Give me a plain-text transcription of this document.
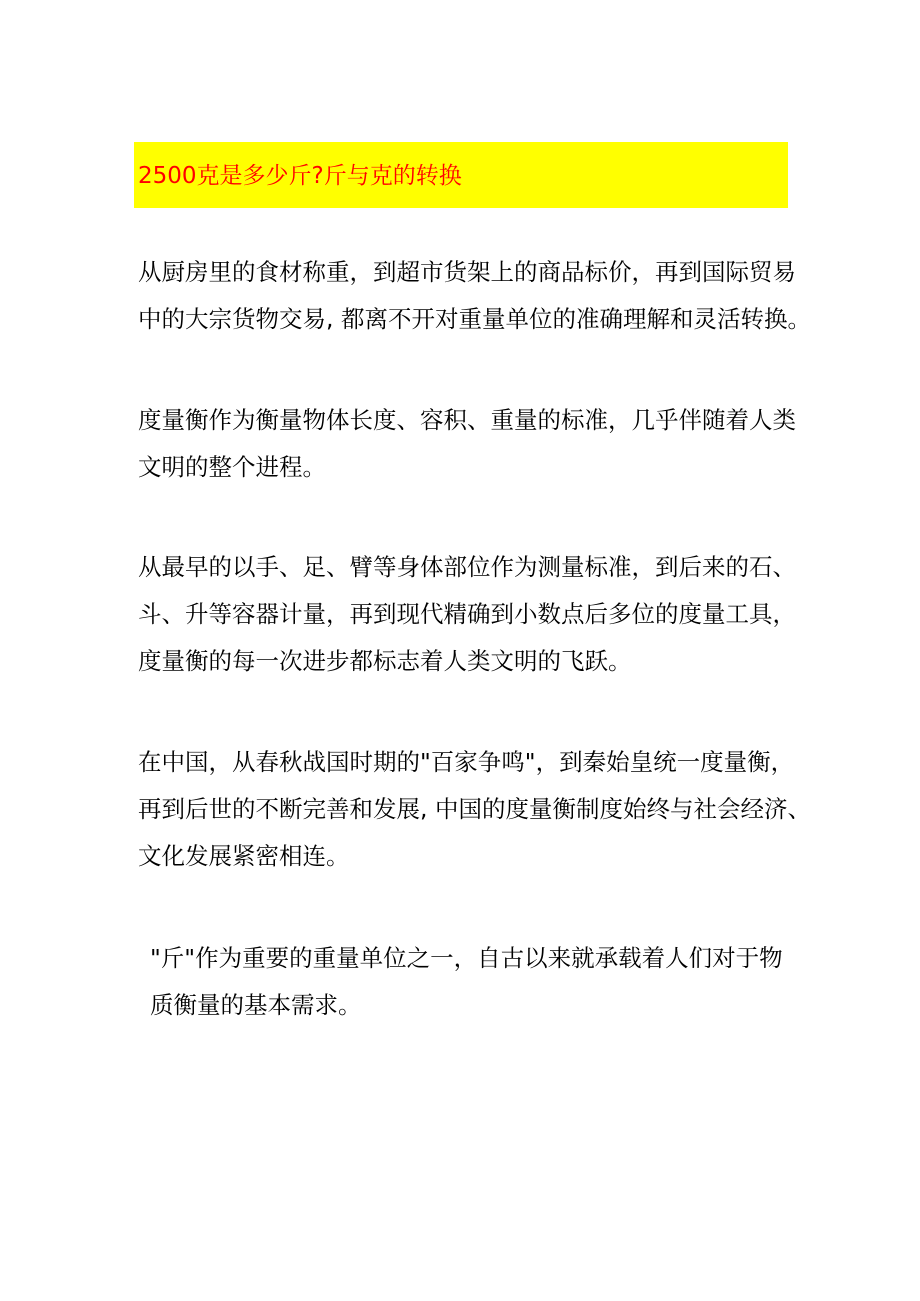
2500克是多少斤?斤与克的转换

从厨房里的食材称重，到超市货架上的商品标价，再到国际贸易
中的大宗货物交易, 都离不开对重量单位的准确理解和灵活转换。

度量衡作为衡量物体长度、容积、重量的标准，几乎伴随着人类
文明的整个进程。

从最早的以手、足、臂等身体部位作为测量标准，到后来的石、
斗、升等容器计量，再到现代精确到小数点后多位的度量工具，
度量衡的每一次进步都标志着人类文明的飞跃。

在中国，从春秋战国时期的"百家争鸣"，到秦始皇统一度量衡，
再到后世的不断完善和发展, 中国的度量衡制度始终与社会经济、
文化发展紧密相连。

"斤"作为重要的重量单位之一，自古以来就承载着人们对于物
质衡量的基本需求。
